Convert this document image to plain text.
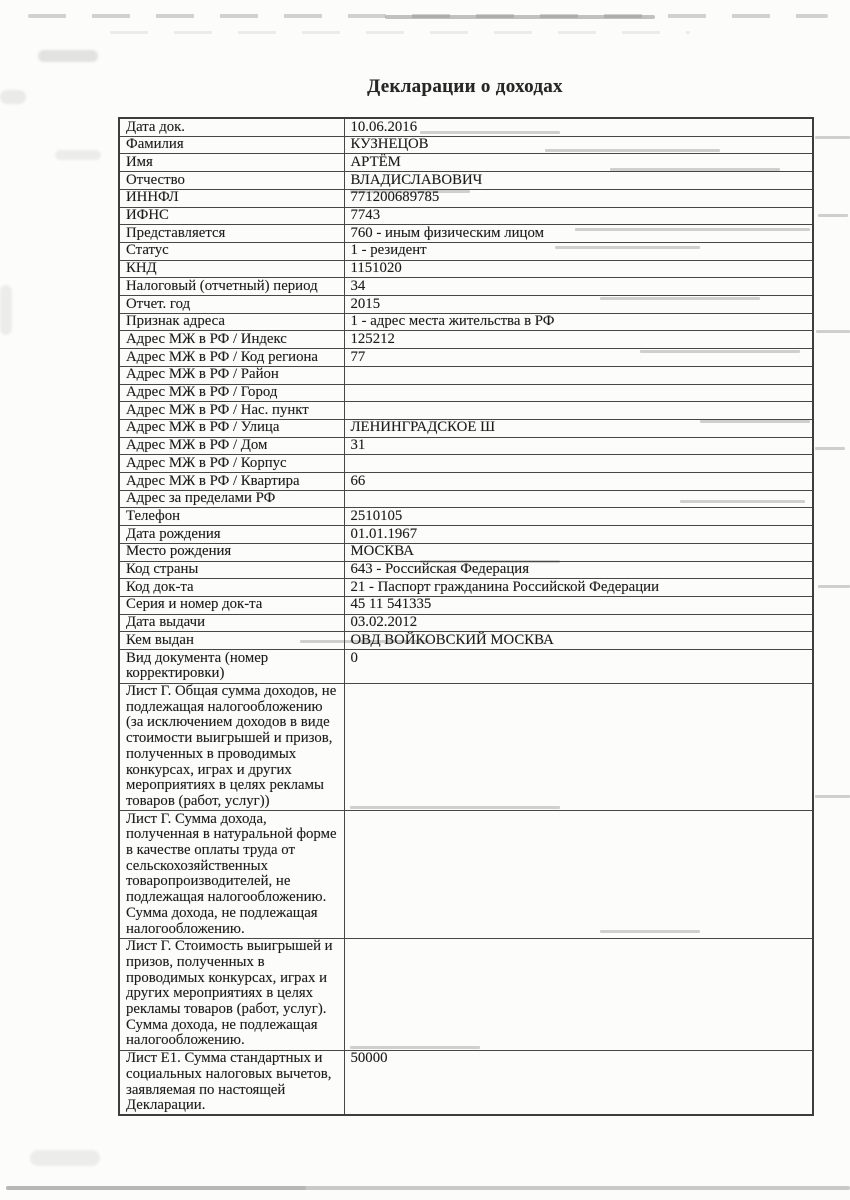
Декларации о доходах
Дата док.	10.06.2016
Фамилия	КУЗНЕЦОВ
Имя	АРТЁМ
Отчество	ВЛАДИСЛАВОВИЧ
ИННФЛ	771200689785
ИФНС	7743
Представляется	760 - иным физическим лицом
Статус	1 - резидент
КНД	1151020
Налоговый (отчетный) период	34
Отчет. год	2015
Признак адреса	1 - адрес места жительства в РФ
Адрес МЖ в РФ / Индекс	125212
Адрес МЖ в РФ / Код региона	77
Адрес МЖ в РФ / Район	
Адрес МЖ в РФ / Город	
Адрес МЖ в РФ / Нас. пункт	
Адрес МЖ в РФ / Улица	ЛЕНИНГРАДСКОЕ Ш
Адрес МЖ в РФ / Дом	31
Адрес МЖ в РФ / Корпус	
Адрес МЖ в РФ / Квартира	66
Адрес за пределами РФ	
Телефон	2510105
Дата рождения	01.01.1967
Место рождения	МОСКВА
Код страны	643 - Российская Федерация
Код док-та	21 - Паспорт гражданина Российской Федерации
Серия и номер док-та	45 11 541335
Дата выдачи	03.02.2012
Кем выдан	ОВД ВОЙКОВСКИЙ МОСКВА
Вид документа (номер корректировки)	0
Лист Г. Общая сумма доходов, не подлежащая налогообложению (за исключением доходов в виде стоимости выигрышей и призов, полученных в проводимых конкурсах, играх и других мероприятиях в целях рекламы товаров (работ, услуг))	
Лист Г. Сумма дохода, полученная в натуральной форме в качестве оплаты труда от сельскохозяйственных товаропроизводителей, не подлежащая налогообложению. Сумма дохода, не подлежащая налогообложению.	
Лист Г. Стоимость выигрышей и призов, полученных в проводимых конкурсах, играх и других мероприятиях в целях рекламы товаров (работ, услуг). Сумма дохода, не подлежащая налогообложению.	
Лист Е1. Сумма стандартных и социальных налоговых вычетов, заявляемая по настоящей Декларации.	50000
